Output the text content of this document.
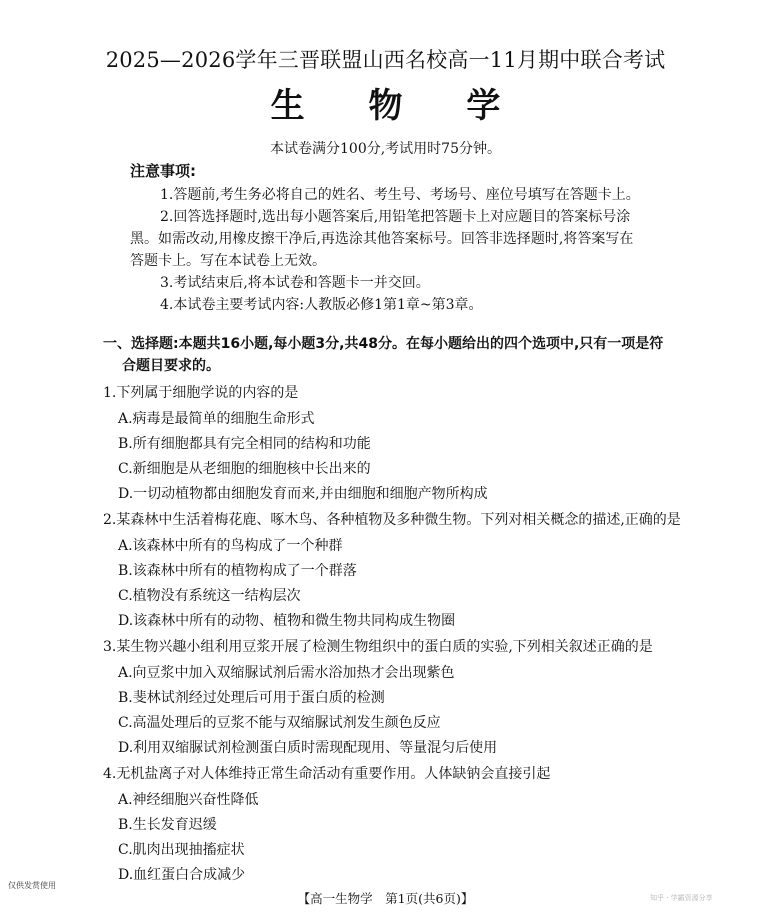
2025—2026学年三晋联盟山西名校高一11月期中联合考试
生 物 学
本试卷满分100分,考试用时75分钟。
注意事项:
1.答题前,考生务必将自己的姓名、考生号、考场号、座位号填写在答题卡上。
2.回答选择题时,选出每小题答案后,用铅笔把答题卡上对应题目的答案标号涂
黑。如需改动,用橡皮擦干净后,再选涂其他答案标号。回答非选择题时,将答案写在
答题卡上。写在本试卷上无效。
3.考试结束后,将本试卷和答题卡一并交回。
4.本试卷主要考试内容:人教版必修1第1章~第3章。
一、选择题:本题共16小题,每小题3分,共48分。在每小题给出的四个选项中,只有一项是符
合题目要求的。
1.下列属于细胞学说的内容的是
A.病毒是最简单的细胞生命形式
B.所有细胞都具有完全相同的结构和功能
C.新细胞是从老细胞的细胞核中长出来的
D.一切动植物都由细胞发育而来,并由细胞和细胞产物所构成
2.某森林中生活着梅花鹿、啄木鸟、各种植物及多种微生物。下列对相关概念的描述,正确的是
A.该森林中所有的鸟构成了一个种群
B.该森林中所有的植物构成了一个群落
C.植物没有系统这一结构层次
D.该森林中所有的动物、植物和微生物共同构成生物圈
3.某生物兴趣小组利用豆浆开展了检测生物组织中的蛋白质的实验,下列相关叙述正确的是
A.向豆浆中加入双缩脲试剂后需水浴加热才会出现紫色
B.斐林试剂经过处理后可用于蛋白质的检测
C.高温处理后的豆浆不能与双缩脲试剂发生颜色反应
D.利用双缩脲试剂检测蛋白质时需现配现用、等量混匀后使用
4.无机盐离子对人体维持正常生命活动有重要作用。人体缺钠会直接引起
A.神经细胞兴奋性降低
B.生长发育迟缓
C.肌肉出现抽搐症状
D.血红蛋白合成减少
仅供发赏使用
【高一生物学　第1页(共6页)】	知乎 · 学霸资源分享
